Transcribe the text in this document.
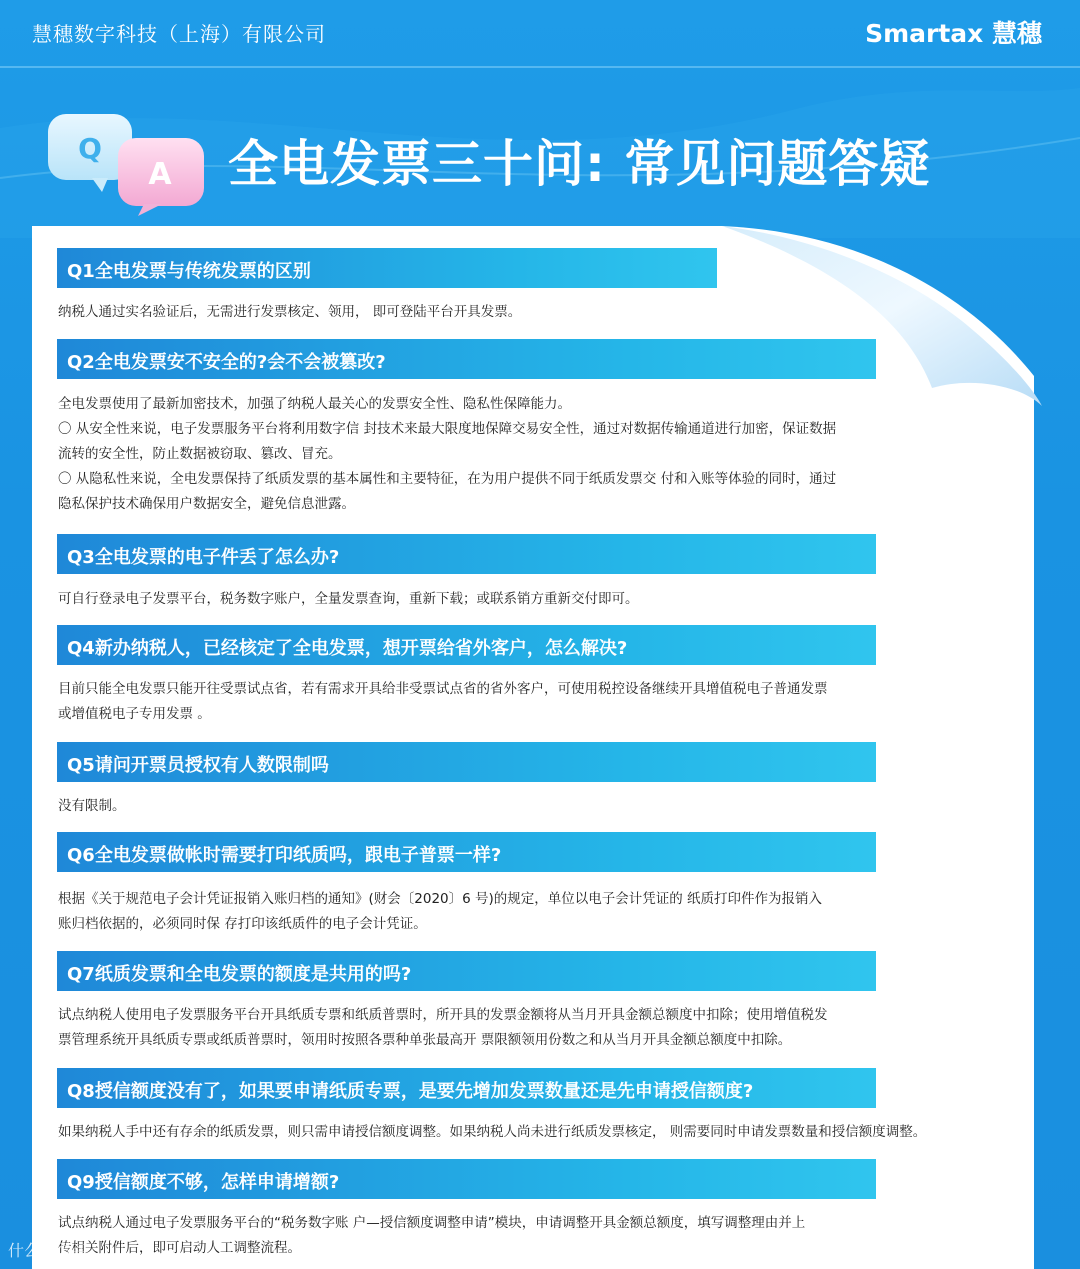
慧穗数字科技（上海）有限公司	Smartax 慧穗
Q
A 全电发票三十问: 常见问题答疑
Q1全电发票与传统发票的区别

纳税人通过实名验证后，无需进行发票核定、领用， 即可登陆平台开具发票。

Q2全电发票安不安全的?会不会被篡改?

全电发票使用了最新加密技术，加强了纳税人最关心的发票安全性、隐私性保障能力。

〇 从安全性来说，电子发票服务平台将利用数字信 封技术来最大限度地保障交易安全性，通过对数据传输通道进行加密，保证数据

流转的安全性，防止数据被窃取、篡改、冒充。

〇 从隐私性来说，全电发票保持了纸质发票的基本属性和主要特征，在为用户提供不同于纸质发票交 付和入账等体验的同时，通过

隐私保护技术确保用户数据安全，避免信息泄露。

Q3全电发票的电子件丢了怎么办?

可自行登录电子发票平台，税务数字账户，全量发票查询，重新下载；或联系销方重新交付即可。

Q4新办纳税人，已经核定了全电发票，想开票给省外客户，怎么解决?

目前只能全电发票只能开往受票试点省，若有需求开具给非受票试点省的省外客户，可使用税控设备继续开具增值税电子普通发票

或增值税电子专用发票 。

Q5请问开票员授权有人数限制吗

没有限制。

Q6全电发票做帐时需要打印纸质吗，跟电子普票一样?

根据《关于规范电子会计凭证报销入账归档的通知》(财会〔2020〕6 号)的规定，单位以电子会计凭证的 纸质打印件作为报销入

账归档依据的，必须同时保 存打印该纸质件的电子会计凭证。

Q7纸质发票和全电发票的额度是共用的吗?

试点纳税人使用电子发票服务平台开具纸质专票和纸质普票时，所开具的发票金额将从当月开具金额总额度中扣除；使用增值税发

票管理系统开具纸质专票或纸质普票时，领用时按照各票种单张最高开 票限额领用份数之和从当月开具金额总额度中扣除。

Q8授信额度没有了，如果要申请纸质专票，是要先增加发票数量还是先申请授信额度?

如果纳税人手中还有存余的纸质发票，则只需申请授信额度调整。如果纳税人尚未进行纸质发票核定， 则需要同时申请发票数量和授信额度调整。

Q9授信额度不够，怎样申请增额?

试点纳税人通过电子发票服务平台的“税务数字账 户—授信额度调整申请”模块，申请调整开具金额总额度，填写调整理由并上

传相关附件后，即可启动人工调整流程。

什么值得买
